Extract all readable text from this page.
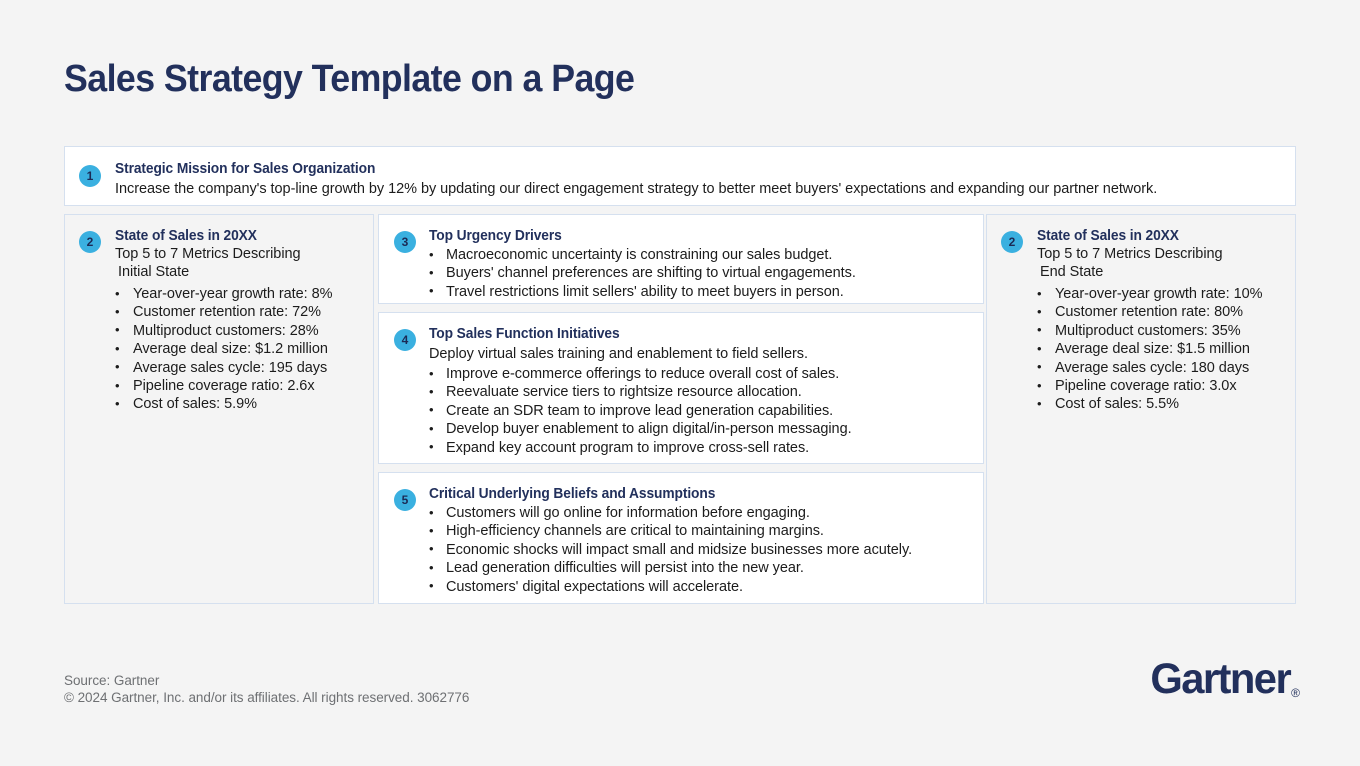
Sales Strategy Template on a Page
1	Strategic Mission for Sales Organization
Increase the company's top-line growth by 12% by updating our direct engagement strategy to better meet buyers' expectations and expanding our partner network.
2	State of Sales in 20XX
Top 5 to 7 Metrics Describing
Initial State
• Year-over-year growth rate: 8%
• Customer retention rate: 72%
• Multiproduct customers: 28%
• Average deal size: $1.2 million
• Average sales cycle: 195 days
• Pipeline coverage ratio: 2.6x
• Cost of sales: 5.9%
3	Top Urgency Drivers
• Macroeconomic uncertainty is constraining our sales budget.
• Buyers' channel preferences are shifting to virtual engagements.
• Travel restrictions limit sellers' ability to meet buyers in person.
4	Top Sales Function Initiatives
Deploy virtual sales training and enablement to field sellers.
• Improve e-commerce offerings to reduce overall cost of sales.
• Reevaluate service tiers to rightsize resource allocation.
• Create an SDR team to improve lead generation capabilities.
• Develop buyer enablement to align digital/in-person messaging.
• Expand key account program to improve cross-sell rates.
5	Critical Underlying Beliefs and Assumptions
• Customers will go online for information before engaging.
• High-efficiency channels are critical to maintaining margins.
• Economic shocks will impact small and midsize businesses more acutely.
• Lead generation difficulties will persist into the new year.
• Customers' digital expectations will accelerate.
2	State of Sales in 20XX
Top 5 to 7 Metrics Describing
End State
• Year-over-year growth rate: 10%
• Customer retention rate: 80%
• Multiproduct customers: 35%
• Average deal size: $1.5 million
• Average sales cycle: 180 days
• Pipeline coverage ratio: 3.0x
• Cost of sales: 5.5%
Source: Gartner
© 2024 Gartner, Inc. and/or its affiliates. All rights reserved. 3062776	Gartner ®
